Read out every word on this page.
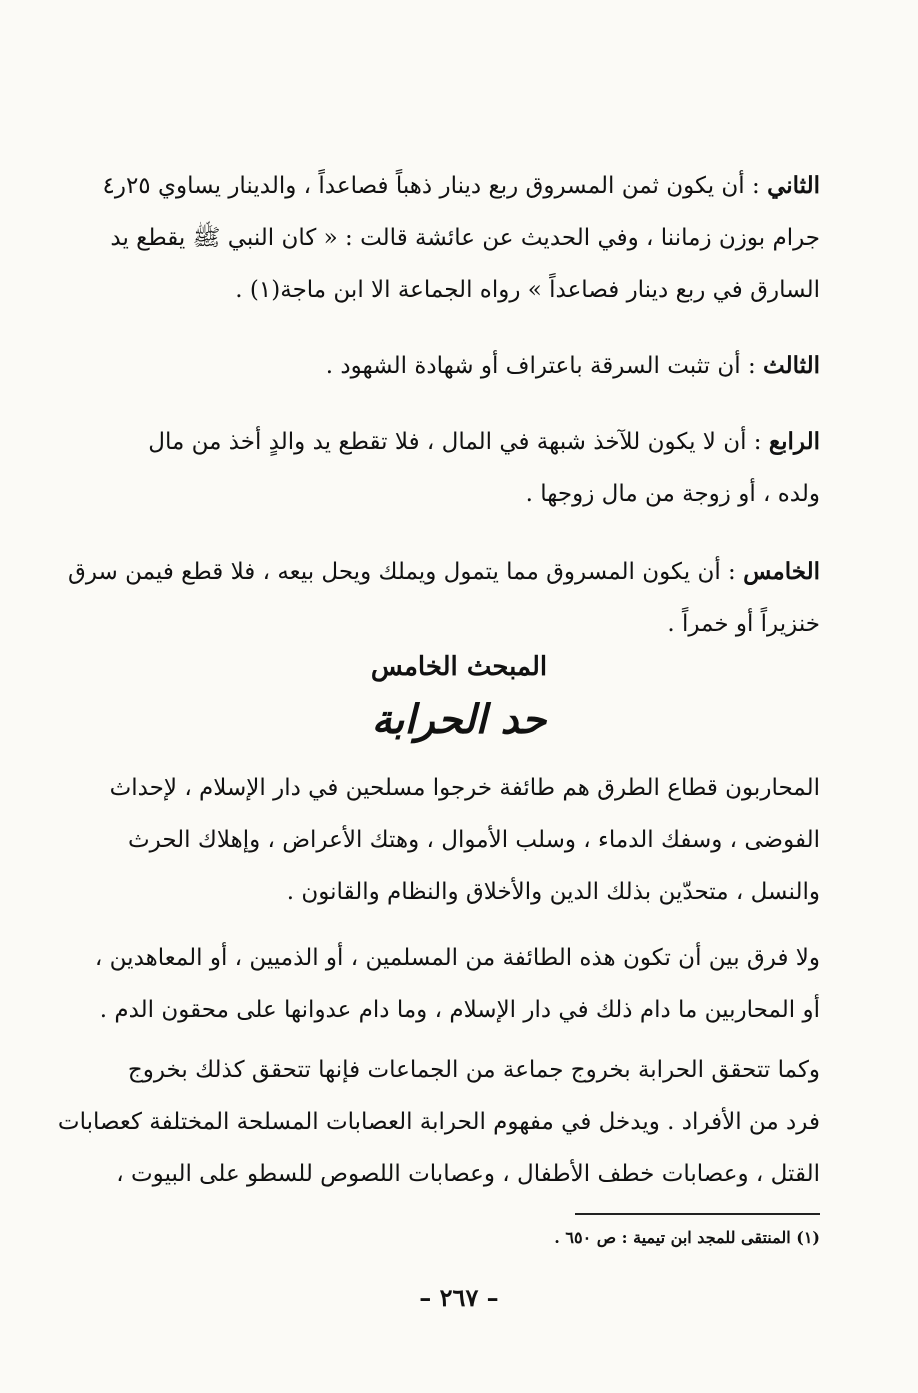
الثاني : أن يكون ثمن المسروق ربع دينار ذهباً فصاعداً ، والدينار يساوي ٢٥ر٤
جرام بوزن زماننا ، وفي الحديث عن عائشة قالت : « كان النبي ﷺ يقطع يد
السارق في ربع دينار فصاعداً » رواه الجماعة الا ابن ماجة(١) .
الثالث : أن تثبت السرقة باعتراف أو شهادة الشهود .
الرابع : أن لا يكون للآخذ شبهة في المال ، فلا تقطع يد والدٍ أخذ من مال
ولده ، أو زوجة من مال زوجها .
الخامس : أن يكون المسروق مما يتمول ويملك ويحل بيعه ، فلا قطع فيمن سرق
خنزيراً أو خمراً .
المبحث الخامس
حد الحرابة
المحاربون قطاع الطرق هم طائفة خرجوا مسلحين في دار الإسلام ، لإحداث
الفوضى ، وسفك الدماء ، وسلب الأموال ، وهتك الأعراض ، وإهلاك الحرث
والنسل ، متحدّين بذلك الدين والأخلاق والنظام والقانون .
ولا فرق بين أن تكون هذه الطائفة من المسلمين ، أو الذميين ، أو المعاهدين ،
أو المحاربين ما دام ذلك في دار الإسلام ، وما دام عدوانها على محقون الدم .
وكما تتحقق الحرابة بخروج جماعة من الجماعات فإنها تتحقق كذلك بخروج
فرد من الأفراد . ويدخل في مفهوم الحرابة العصابات المسلحة المختلفة كعصابات
القتل ، وعصابات خطف الأطفال ، وعصابات اللصوص للسطو على البيوت ،
(١) المنتقى للمجد ابن تيمية : ص ٦٥٠ .
– ٢٦٧ –
